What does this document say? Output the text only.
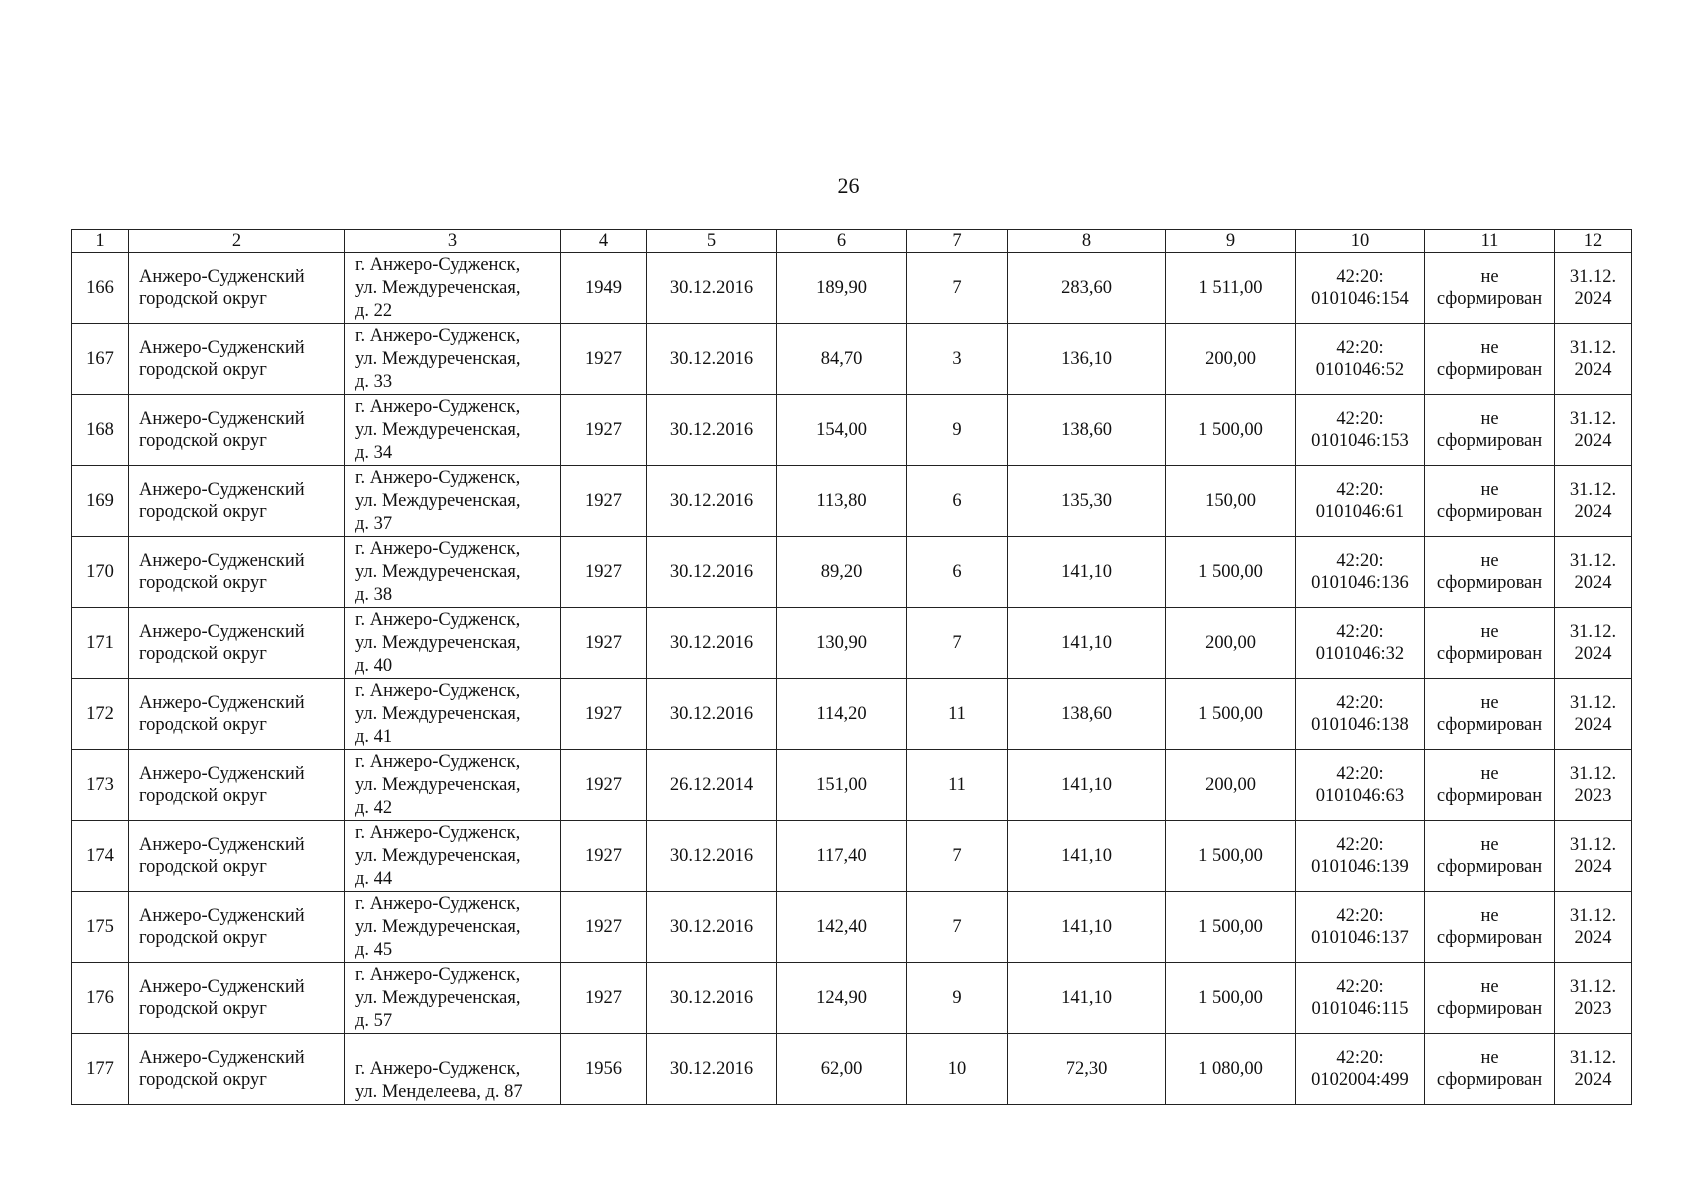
26
1	2	3	4	5	6	7	8	9	10	11	12
166	Анжеро-Судженский городской округ	г. Анжеро-Судженск,
ул. Междуреченская,
д. 22	1949	30.12.2016	189,90	7	283,60	1 511,00	42:20:
0101046:154	не
сформирован	31.12.
2024
167	Анжеро-Судженский городской округ	г. Анжеро-Судженск,
ул. Междуреченская,
д. 33	1927	30.12.2016	84,70	3	136,10	200,00	42:20:
0101046:52	не
сформирован	31.12.
2024
168	Анжеро-Судженский городской округ	г. Анжеро-Судженск,
ул. Междуреченская,
д. 34	1927	30.12.2016	154,00	9	138,60	1 500,00	42:20:
0101046:153	не
сформирован	31.12.
2024
169	Анжеро-Судженский городской округ	г. Анжеро-Судженск,
ул. Междуреченская,
д. 37	1927	30.12.2016	113,80	6	135,30	150,00	42:20:
0101046:61	не
сформирован	31.12.
2024
170	Анжеро-Судженский городской округ	г. Анжеро-Судженск,
ул. Междуреченская,
д. 38	1927	30.12.2016	89,20	6	141,10	1 500,00	42:20:
0101046:136	не
сформирован	31.12.
2024
171	Анжеро-Судженский городской округ	г. Анжеро-Судженск,
ул. Междуреченская,
д. 40	1927	30.12.2016	130,90	7	141,10	200,00	42:20:
0101046:32	не
сформирован	31.12.
2024
172	Анжеро-Судженский городской округ	г. Анжеро-Судженск,
ул. Междуреченская,
д. 41	1927	30.12.2016	114,20	11	138,60	1 500,00	42:20:
0101046:138	не
сформирован	31.12.
2024
173	Анжеро-Судженский городской округ	г. Анжеро-Судженск,
ул. Междуреченская,
д. 42	1927	26.12.2014	151,00	11	141,10	200,00	42:20:
0101046:63	не
сформирован	31.12.
2023
174	Анжеро-Судженский городской округ	г. Анжеро-Судженск,
ул. Междуреченская,
д. 44	1927	30.12.2016	117,40	7	141,10	1 500,00	42:20:
0101046:139	не
сформирован	31.12.
2024
175	Анжеро-Судженский городской округ	г. Анжеро-Судженск,
ул. Междуреченская,
д. 45	1927	30.12.2016	142,40	7	141,10	1 500,00	42:20:
0101046:137	не
сформирован	31.12.
2024
176	Анжеро-Судженский городской округ	г. Анжеро-Судженск,
ул. Междуреченская,
д. 57	1927	30.12.2016	124,90	9	141,10	1 500,00	42:20:
0101046:115	не
сформирован	31.12.
2023
177	Анжеро-Судженский городской округ	г. Анжеро-Судженск,
ул. Менделеева, д. 87	1956	30.12.2016	62,00	10	72,30	1 080,00	42:20:
0102004:499	не
сформирован	31.12.
2024
